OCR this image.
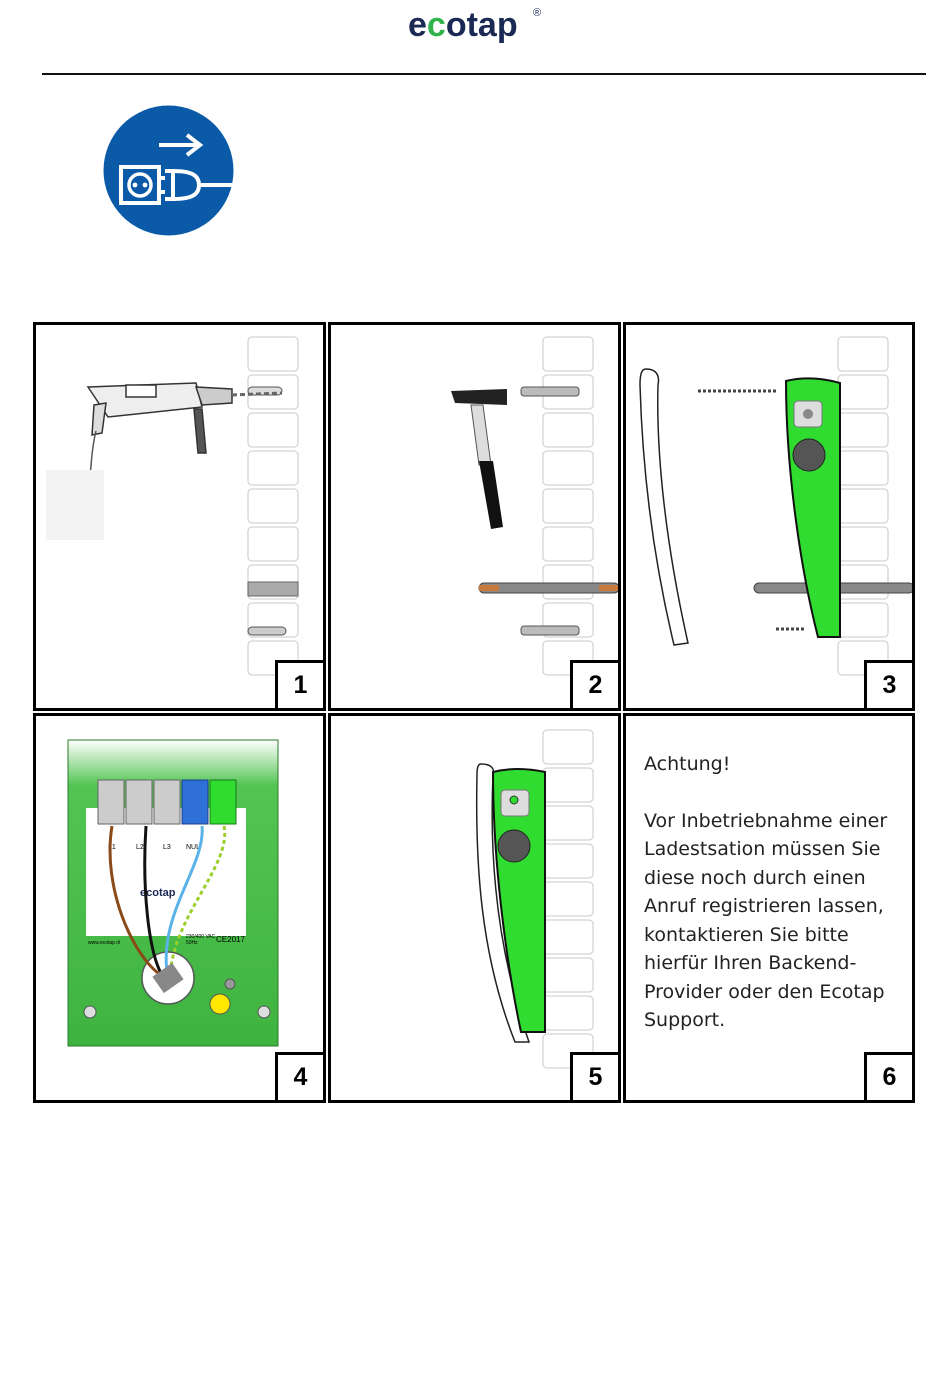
ecotap ®
1	2	3
L1	L2	L3 NUL
ecotap
230/400 VAC
50Hz CE2017
www.ecotap.nl
4	5

Achtung!

Vor Inbetriebnahme einer Ladestsation müssen Sie diese noch durch einen Anruf registrieren lassen, kontaktieren Sie bitte hierfür Ihren Backend-Provider oder den Ecotap Support.

6
